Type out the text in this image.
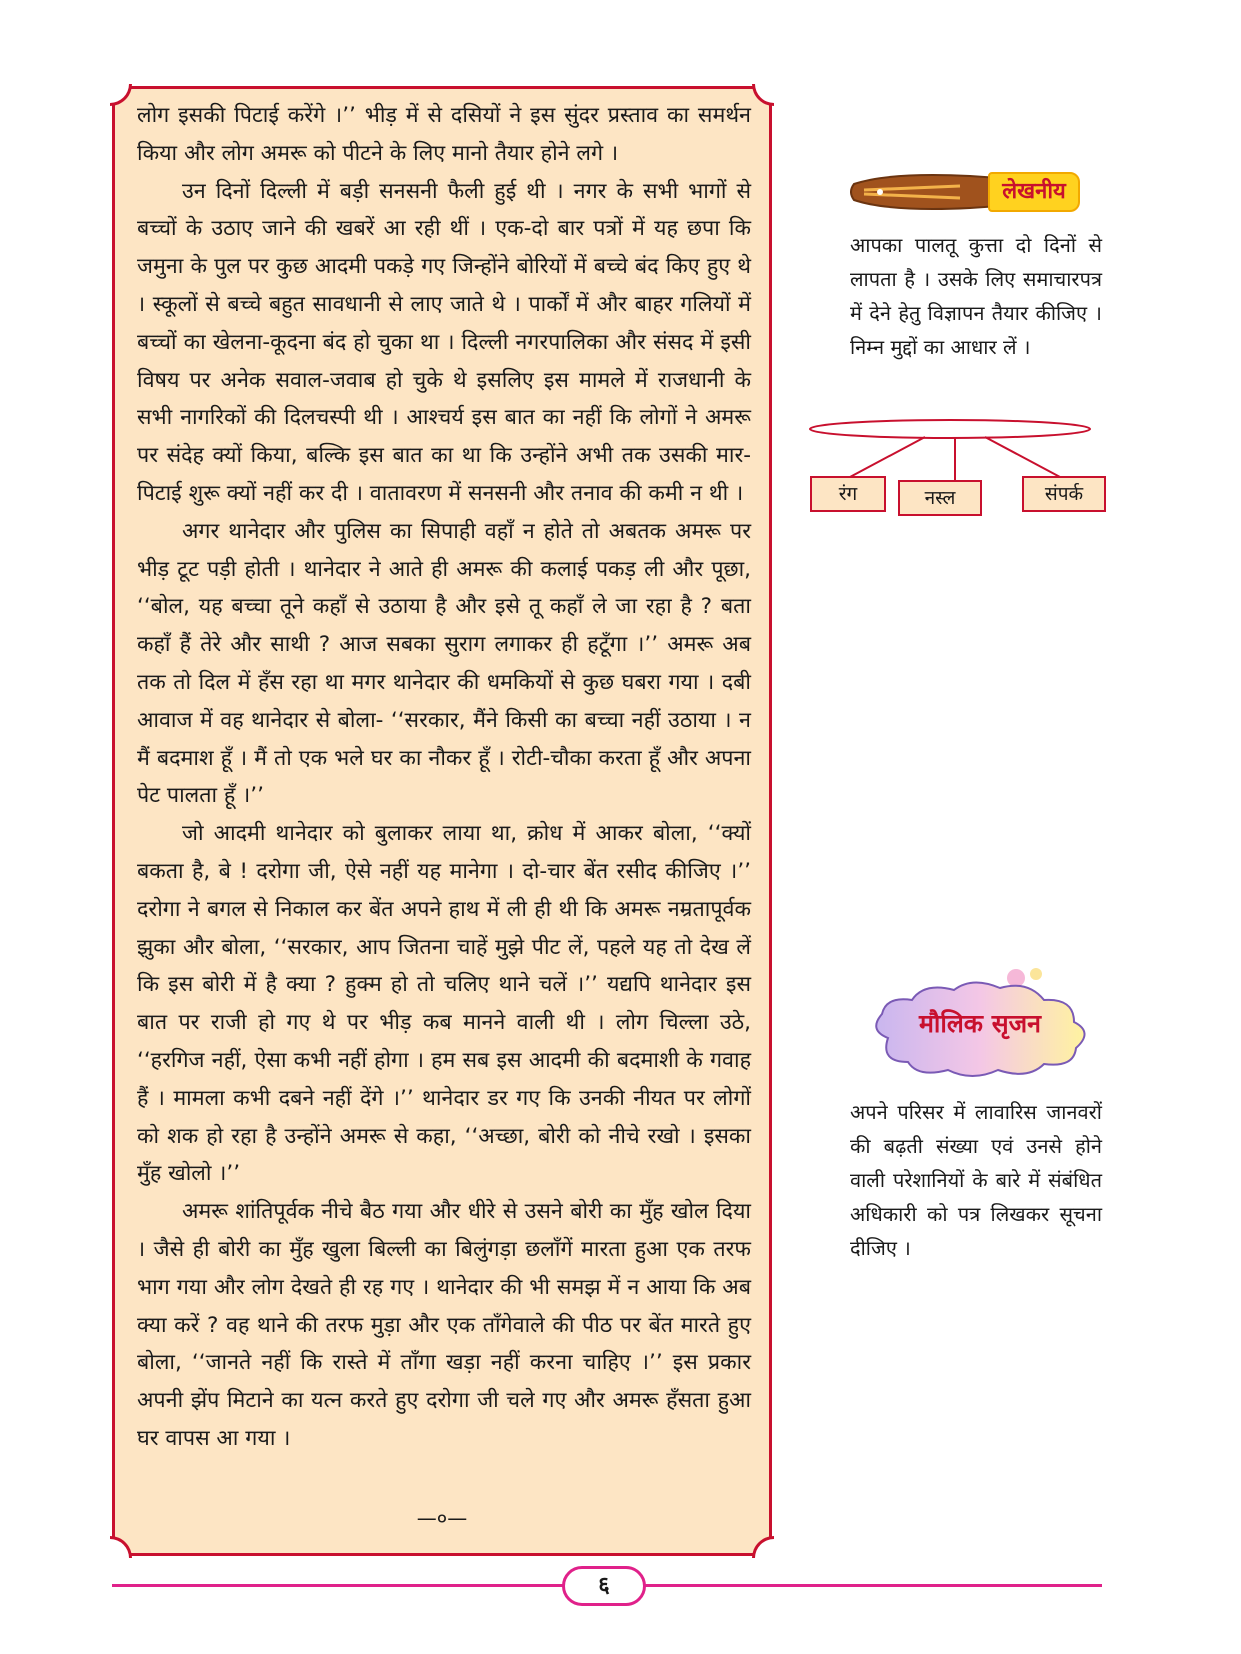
लोग इसकी पिटाई करेंगे ।’’ भीड़ में से दसियों ने इस सुंदर प्रस्ताव का समर्थन किया और लोग अमरू को पीटने के लिए मानो तैयार होने लगे ।

उन दिनों दिल्ली में बड़ी सनसनी फैली हुई थी । नगर के सभी भागों से बच्चों के उठाए जाने की खबरें आ रही थीं । एक-दो बार पत्रों में यह छपा कि जमुना के पुल पर कुछ आदमी पकड़े गए जिन्होंने बोरियों में बच्चे बंद किए हुए थे । स्कूलों से बच्चे बहुत सावधानी से लाए जाते थे । पार्कों में और बाहर गलियों में बच्चों का खेलना-कूदना बंद हो चुका था । दिल्ली नगरपालिका और संसद में इसी विषय पर अनेक सवाल-जवाब हो चुके थे इसलिए इस मामले में राजधानी के सभी नागरिकों की दिलचस्पी थी । आश्चर्य इस बात का नहीं कि लोगों ने अमरू पर संदेह क्यों किया, बल्कि इस बात का था कि उन्होंने अभी तक उसकी मार-पिटाई शुरू क्यों नहीं कर दी । वातावरण में सनसनी और तनाव की कमी न थी ।

अगर थानेदार और पुलिस का सिपाही वहाँ न होते तो अबतक अमरू पर भीड़ टूट पड़ी होती । थानेदार ने आते ही अमरू की कलाई पकड़ ली और पूछा, ‘‘बोल, यह बच्चा तूने कहाँ से उठाया है और इसे तू कहाँ ले जा रहा है ? बता कहाँ हैं तेरे और साथी ? आज सबका सुराग लगाकर ही हटूँगा ।’’ अमरू अब तक तो दिल में हँस रहा था मगर थानेदार की धमकियों से कुछ घबरा गया । दबी आवाज में वह थानेदार से बोला- ‘‘सरकार, मैंने किसी का बच्चा नहीं उठाया । न मैं बदमाश हूँ । मैं तो एक भले घर का नौकर हूँ । रोटी-चौका करता हूँ और अपना पेट पालता हूँ ।’’

जो आदमी थानेदार को बुलाकर लाया था, क्रोध में आकर बोला, ‘‘क्यों बकता है, बे ! दरोगा जी, ऐसे नहीं यह मानेगा । दो-चार बेंत रसीद कीजिए ।’’ दरोगा ने बगल से निकाल कर बेंत अपने हाथ में ली ही थी कि अमरू नम्रतापूर्वक झुका और बोला, ‘‘सरकार, आप जितना चाहें मुझे पीट लें, पहले यह तो देख लें कि इस बोरी में है क्या ? हुक्म हो तो चलिए थाने चलें ।’’ यद्यपि थानेदार इस बात पर राजी हो गए थे पर भीड़ कब मानने वाली थी । लोग चिल्ला उठे, ‘‘हरगिज नहीं, ऐसा कभी नहीं होगा । हम सब इस आदमी की बदमाशी के गवाह हैं । मामला कभी दबने नहीं देंगे ।’’ थानेदार डर गए कि उनकी नीयत पर लोगों को शक हो रहा है उन्होंने अमरू से कहा, ‘‘अच्छा, बोरी को नीचे रखो । इसका मुँह खोलो ।’’

अमरू शांतिपूर्वक नीचे बैठ गया और धीरे से उसने बोरी का मुँह खोल दिया । जैसे ही बोरी का मुँह खुला बिल्ली का बिलुंगड़ा छलाँगें मारता हुआ एक तरफ भाग गया और लोग देखते ही रह गए । थानेदार की भी समझ में न आया कि अब क्या करें ? वह थाने की तरफ मुड़ा और एक ताँगेवाले की पीठ पर बेंत मारते हुए बोला, ‘‘जानते नहीं कि रास्ते में ताँगा खड़ा नहीं करना चाहिए ।’’ इस प्रकार अपनी झेंप मिटाने का यत्न करते हुए दरोगा जी चले गए और अमरू हँसता हुआ घर वापस आ गया ।

—०—
लेखनीय
आपका पालतू कुत्ता दो दिनों से लापता है । उसके लिए समाचारपत्र में देने हेतु विज्ञापन तैयार कीजिए । निम्न मुद्दों का आधार लें ।
रंग	नस्ल	संपर्क
मौलिक सृजन
अपने परिसर में लावारिस जानवरों की बढ़ती संख्या एवं उनसे होने वाली परेशानियों के बारे में संबंधित अधिकारी को पत्र लिखकर सूचना दीजिए ।
६
